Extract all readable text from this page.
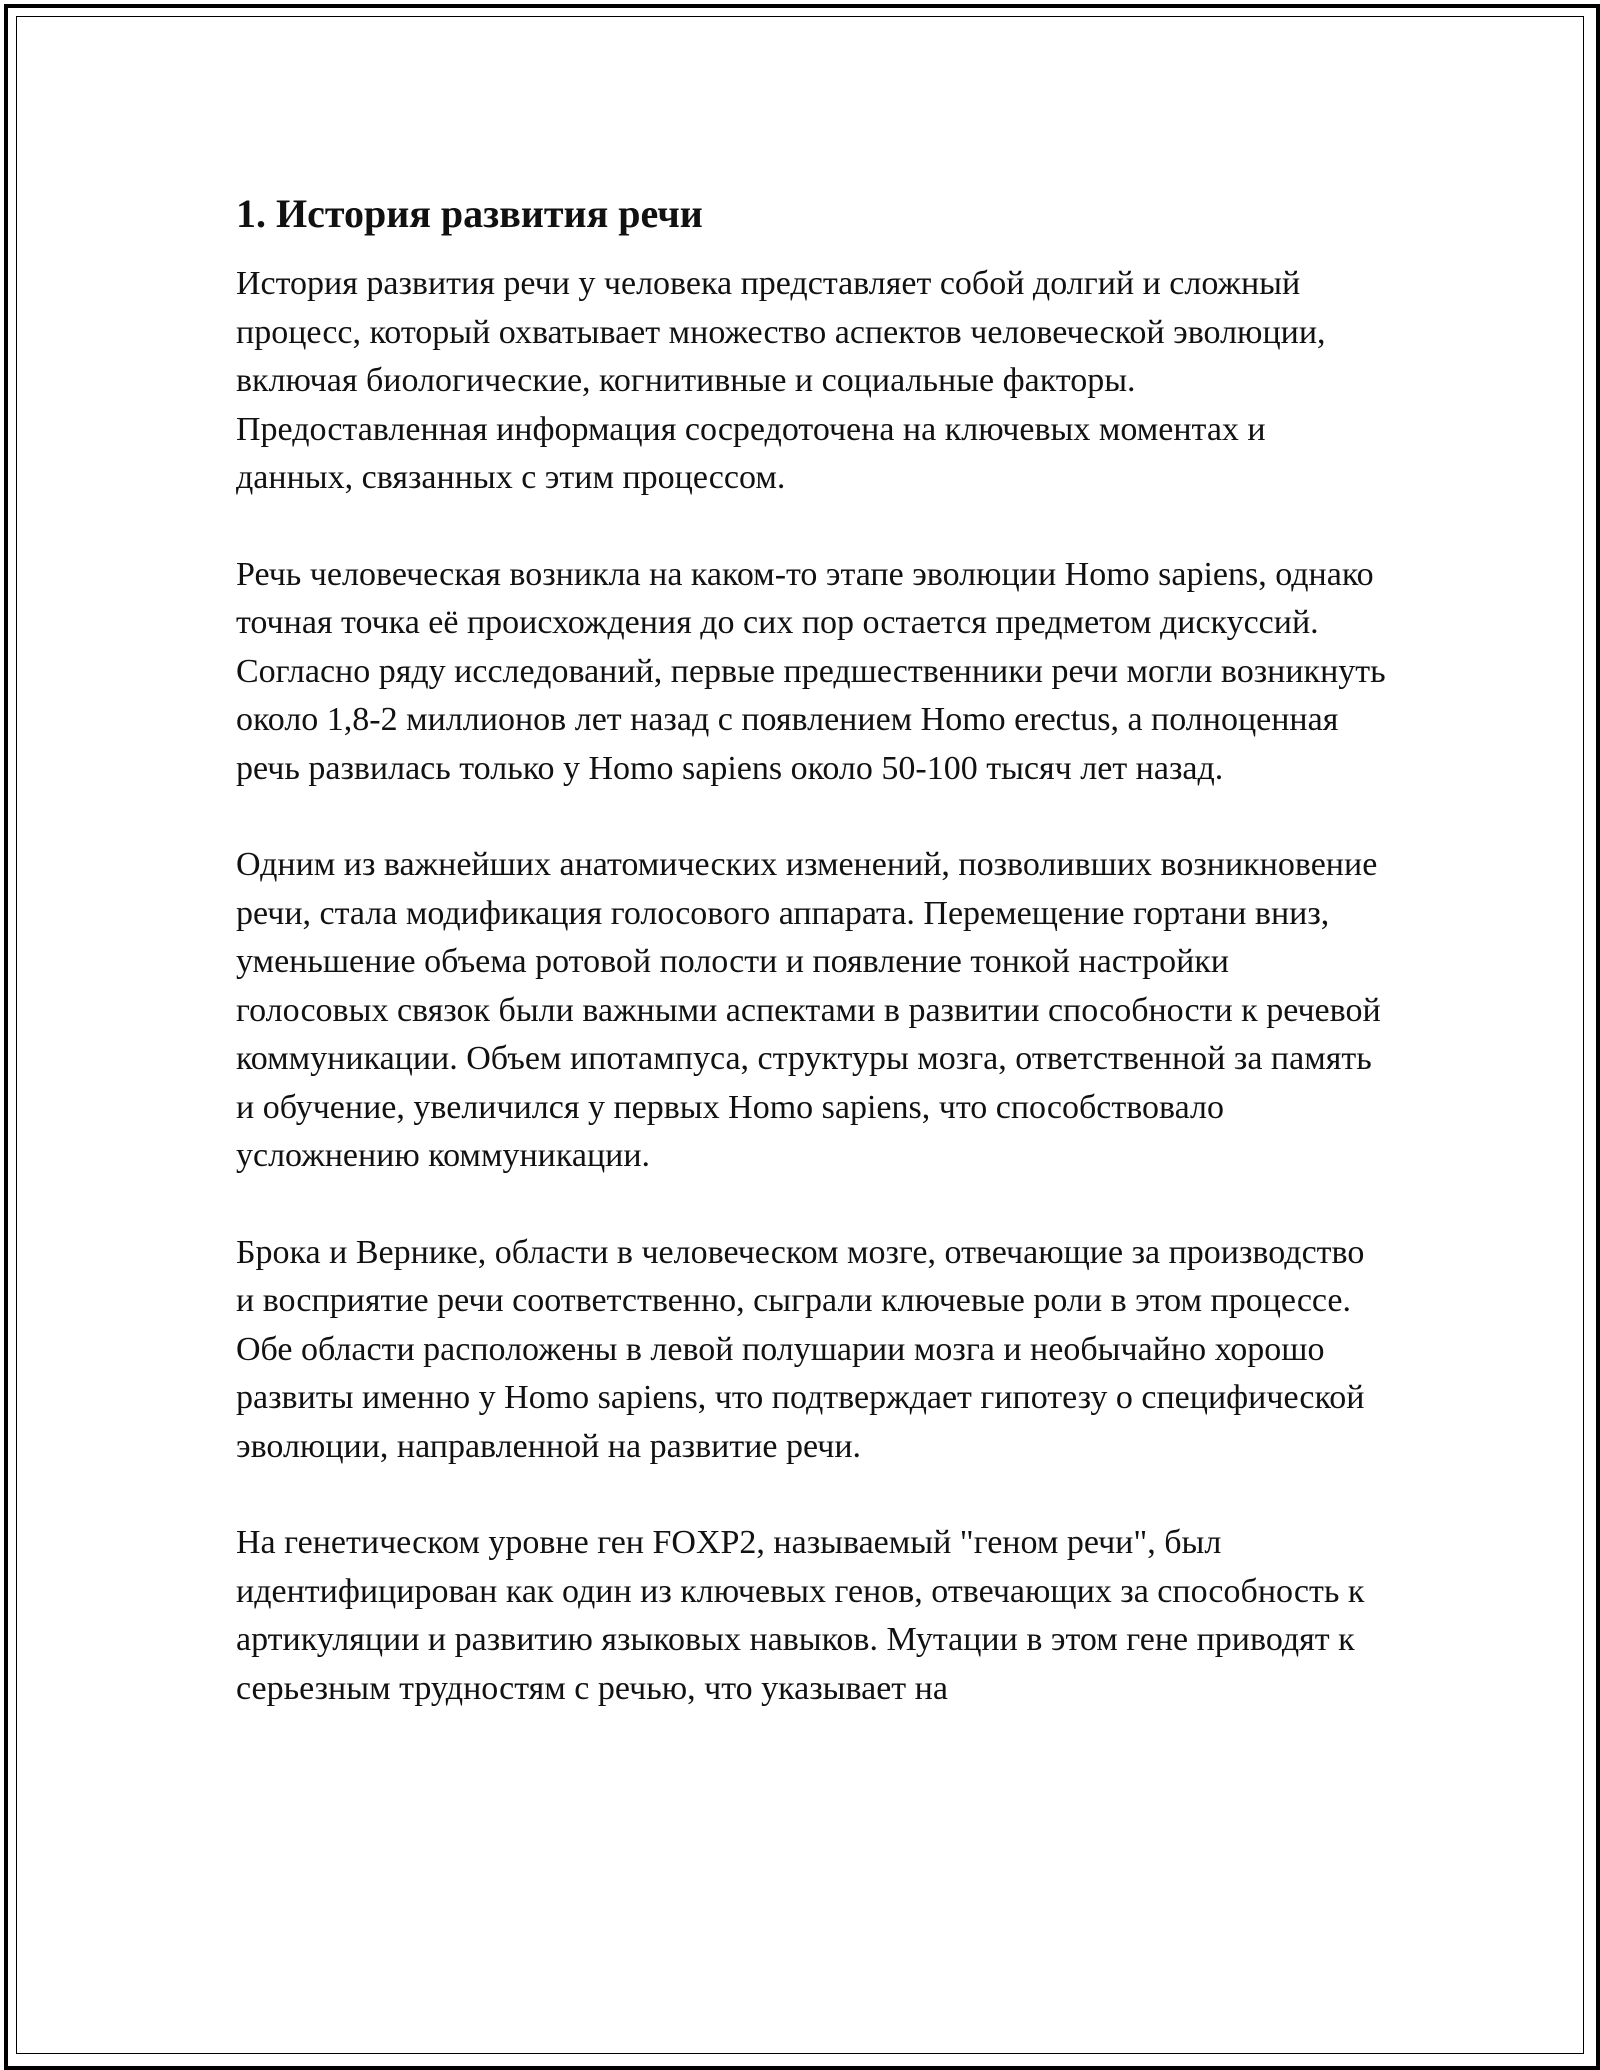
1. История развития речи

История развития речи у человека представляет собой долгий и сложный процесс, который охватывает множество аспектов человеческой эволюции, включая биологические, когнитивные и социальные факторы. Предоставленная информация сосредоточена на ключевых моментах и данных, связанных с этим процессом.

Речь человеческая возникла на каком-то этапе эволюции Homo sapiens, однако точная точка её происхождения до сих пор остается предметом дискуссий. Согласно ряду исследований, первые предшественники речи могли возникнуть около 1,8-2 миллионов лет назад с появлением Homo erectus, а полноценная речь развилась только у Homo sapiens около 50-100 тысяч лет назад.

Одним из важнейших анатомических изменений, позволивших возникновение речи, стала модификация голосового аппарата. Перемещение гортани вниз, уменьшение объема ротовой полости и появление тонкой настройки голосовых связок были важными аспектами в развитии способности к речевой коммуникации. Объем ипотампуса, структуры мозга, ответственной за память и обучение, увеличился у первых Homo sapiens, что способствовало усложнению коммуникации.

Брока и Вернике, области в человеческом мозге, отвечающие за производство и восприятие речи соответственно, сыграли ключевые роли в этом процессе. Обе области расположены в левой полушарии мозга и необычайно хорошо развиты именно у Homo sapiens, что подтверждает гипотезу о специфической эволюции, направленной на развитие речи.

На генетическом уровне ген FOXP2, называемый "геном речи", был идентифицирован как один из ключевых генов, отвечающих за способность к артикуляции и развитию языковых навыков. Мутации в этом гене приводят к серьезным трудностям с речью, что указывает на
